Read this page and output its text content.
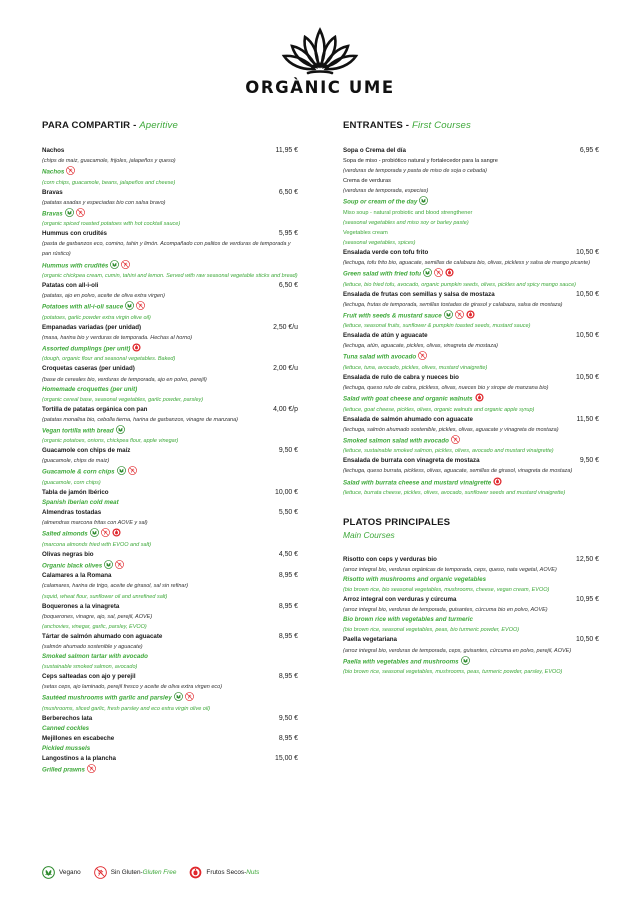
ORGÀNIC UME
PARA COMPARTIR - Aperitive
Nachos	11,95 €
(chips de maiz, guacamole, frijoles, jalapeños y queso)
Nachos
(corn chips, guacamole, beans, jalapeños and cheese)
Bravas	6,50 €
(patatas asadas y especiadas bio con salsa bravo)
Bravas
(organic spiced roasted potatoes with hot cocktail sauce)
Hummus con crudités	5,95 €
(pasta de garbanzos eco, comino, tahin y limón. Acompañado con palitos de verduras de temporada y pan rústico)
Hummus with crudités
(organic chickpea cream, cumin, tahini and lemon. Served with raw seasonal vegetable sticks and bread)
Patatas con all-i-oli	6,50 €
(patatas, ajo en polvo, aceite de oliva extra virgen)
Potatoes with all-i-oli sauce
(potatoes, garlic powder extra virgin olive oil)
Empanadas variadas (per unidad)	2,50 €/u
(masa, harina bio y verduras de temporada. Hechas al horno)
Assorted dumplings (per unit)
(dough, organic flour and seasonal vegetables. Baked)
Croquetas caseras (per unidad)	2,00 €/u
(base de cereales bio, verduras de temporada, ajo en polvo, perejil)
Homemade croquettes (per unit)
(organic cereal base, seasonal vegetables, garlic powder, parsley)
Tortilla de patatas orgánica con pan	4,00 €/p
(patatas monalisa bio, cebolla tierna, harina de garbanzos, vinagre de manzana)
Vegan tortilla with bread
(organic potatoes, onions, chickpea flour, apple vinegar)
Guacamole con chips de maíz	9,50 €
(guacamole, chips de maiz)
Guacamole & corn chips
(guacamole, corn chips)
Tabla de jamón Ibérico	10,00 €
Spanish Iberian cold meat
Almendras tostadas	5,50 €
(almendras marcona fritas con AOVE y sal)
Salted almonds
(marcona almonds fried with EVOO and salt)
Olivas negras bio	4,50 €
Organic black olives
Calamares a la Romana	8,95 €
(calamares, harina de trigo, aceite de girasol, sal sin refinar)
(squid, wheat flour, sunflower oil and unrefined salt)
Boquerones a la vinagreta	8,95 €
(boquerones, vinagre, ajo, sal, perejil, AOVE)
(anchovies, vinegar, garlic, parsley, EVOO)
Tártar de salmón ahumado con aguacate	8,95 €
(salmón ahumado sostenible y aguacate)
Smoked salmon tartar with avocado
(sustainable smoked salmon, avocado)
Ceps salteadas con ajo y perejil	8,95 €
(setas ceps, ajo laminado, perejil fresco y aceite de oliva extra virgen eco)
Sautéed mushrooms with garlic and parsley
(mushrooms, sliced garlic, fresh parsley and eco extra virgin olive oil)
Berberechos lata	9,50 €
Canned cockles
Mejillones en escabeche	8,95 €
Pickled mussels
Langostinos a la plancha	15,00 €
Grilled prawns
ENTRANTES - First Courses
Sopa o Crema del día	6,95 €
Sopa de miso - probiótico natural y fortalecedor para la sangre
(verduras de temporada y pasta de miso de soja o cebada)
Crema de verduras
(verduras de temporada, especias)
Soup or cream of the day
Miso soup - natural probiotic and blood strengthener
(seasonal vegetables and miso soy or barley paste)
Vegetables cream
(seasonal vegetables, spices)
Ensalada verde con tofu frito	10,50 €
(lechuga, tofu frito bio, aguacate, semillas de calabaza bio, olivas, pickless y salsa de mango picante)
Green salad with fried tofu
(lettuce, bio fried tofu, avocado, organic pumpkin seeds, olives, pickles and spicy mango sauce)
Ensalada de frutas con semillas y salsa de mostaza	10,50 €
(lechuga, frutas de temporada, semillas tostadas de girasol y calabaza, salsa de mostaza)
Fruit with seeds & mustard sauce
(lettuce, seasonal fruits, sunflower & pumpkin toasted seeds, mustard sauce)
Ensalada de atún y aguacate	10,50 €
(lechuga, atún, aguacate, pickles, olivas, vinagreta de mostaza)
Tuna salad with avocado
(lettuce, tuna, avocado, pickles, olives, mustard vinaigrette)
Ensalada de rulo de cabra y nueces bio	10,50 €
(lechuga, queso rulo de cabra, pickless, olivas, nueces bio y sirope de manzana bio)
Salad with goat cheese and organic walnuts
(lettuce, goat cheese, pickles, olives, organic walnuts and organic apple syrup)
Ensalada de salmón ahumado con aguacate	11,50 €
(lechuga, salmón ahumado sostenible, pickles, olivas, aguacate y vinagreta de mostaza)
Smoked salmon salad with avocado
(lettuce, sustainable smoked salmon, pickles, olives, avocado and mustard vinaigrette)
Ensalada de burrata con vinagreta de mostaza	9,50 €
(lechuga, queso burrata, pickless, olivas, aguacate, semillas de girasol, vinagreta de mostaza)
Salad with burrata cheese and mustard vinaigrette
(lettuce, burrata cheese, pickles, olives, avocado, sunflower seeds and mustard vinaigrette)
PLATOS PRINCIPALES
Main Courses
Risotto con ceps y verduras bio	12,50 €
(arroz integral bio, verduras orgánicas de temporada, ceps, queso, nata vegetal, AOVE)
Risotto with mushrooms and organic vegetables
(bio brown rice, bio seasonal vegetables, mushrooms, cheese, vegan cream, EVOO)
Arroz integral con verduras y cúrcuma	10,95 €
(arroz integral bio, verduras de temporada, guisantes, cúrcuma bio en polvo, AOVE)
Bio brown rice with vegetables and turmeric
(bio brown rice, seasonal vegetables, peas, bio turmeric powder, EVOO)
Paella vegetariana	10,50 €
(arroz integral bio, verduras de temporada, ceps, guisantes, cúrcuma en polvo, perejil, AOVE)
Paella with vegetables and mushrooms
(bio brown rice, seasonal vegetables, mushrooms, peas, turmeric powder, parsley, EVOO)
Vegano	Sin Gluten- Gluten Free	Frutos Secos- Nuts
